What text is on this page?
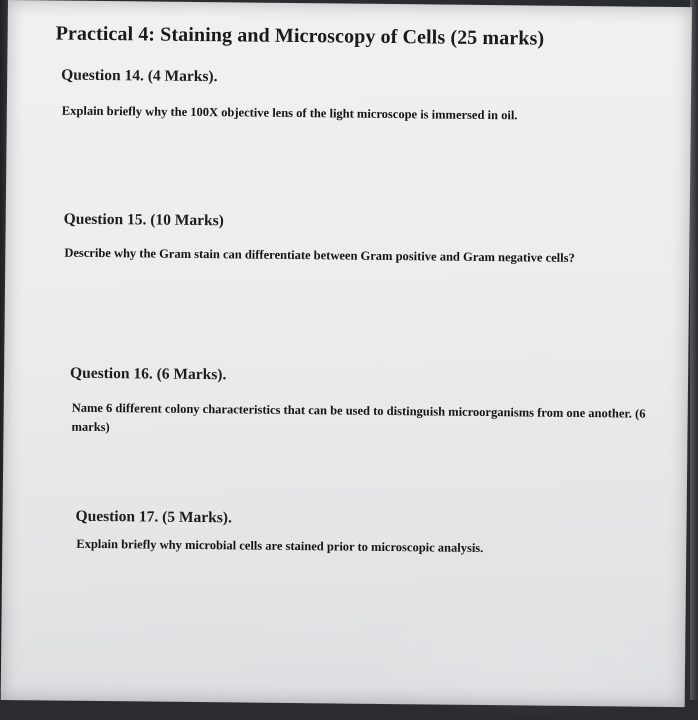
Practical 4: Staining and Microscopy of Cells (25 marks)
Question 14. (4 Marks).
Explain briefly why the 100X objective lens of the light microscope is immersed in oil.
Question 15. (10 Marks)
Describe why the Gram stain can differentiate between Gram positive and Gram negative cells?
Question 16. (6 Marks).
Name 6 different colony characteristics that can be used to distinguish microorganisms from one another. (6 marks)
Question 17. (5 Marks).
Explain briefly why microbial cells are stained prior to microscopic analysis.
